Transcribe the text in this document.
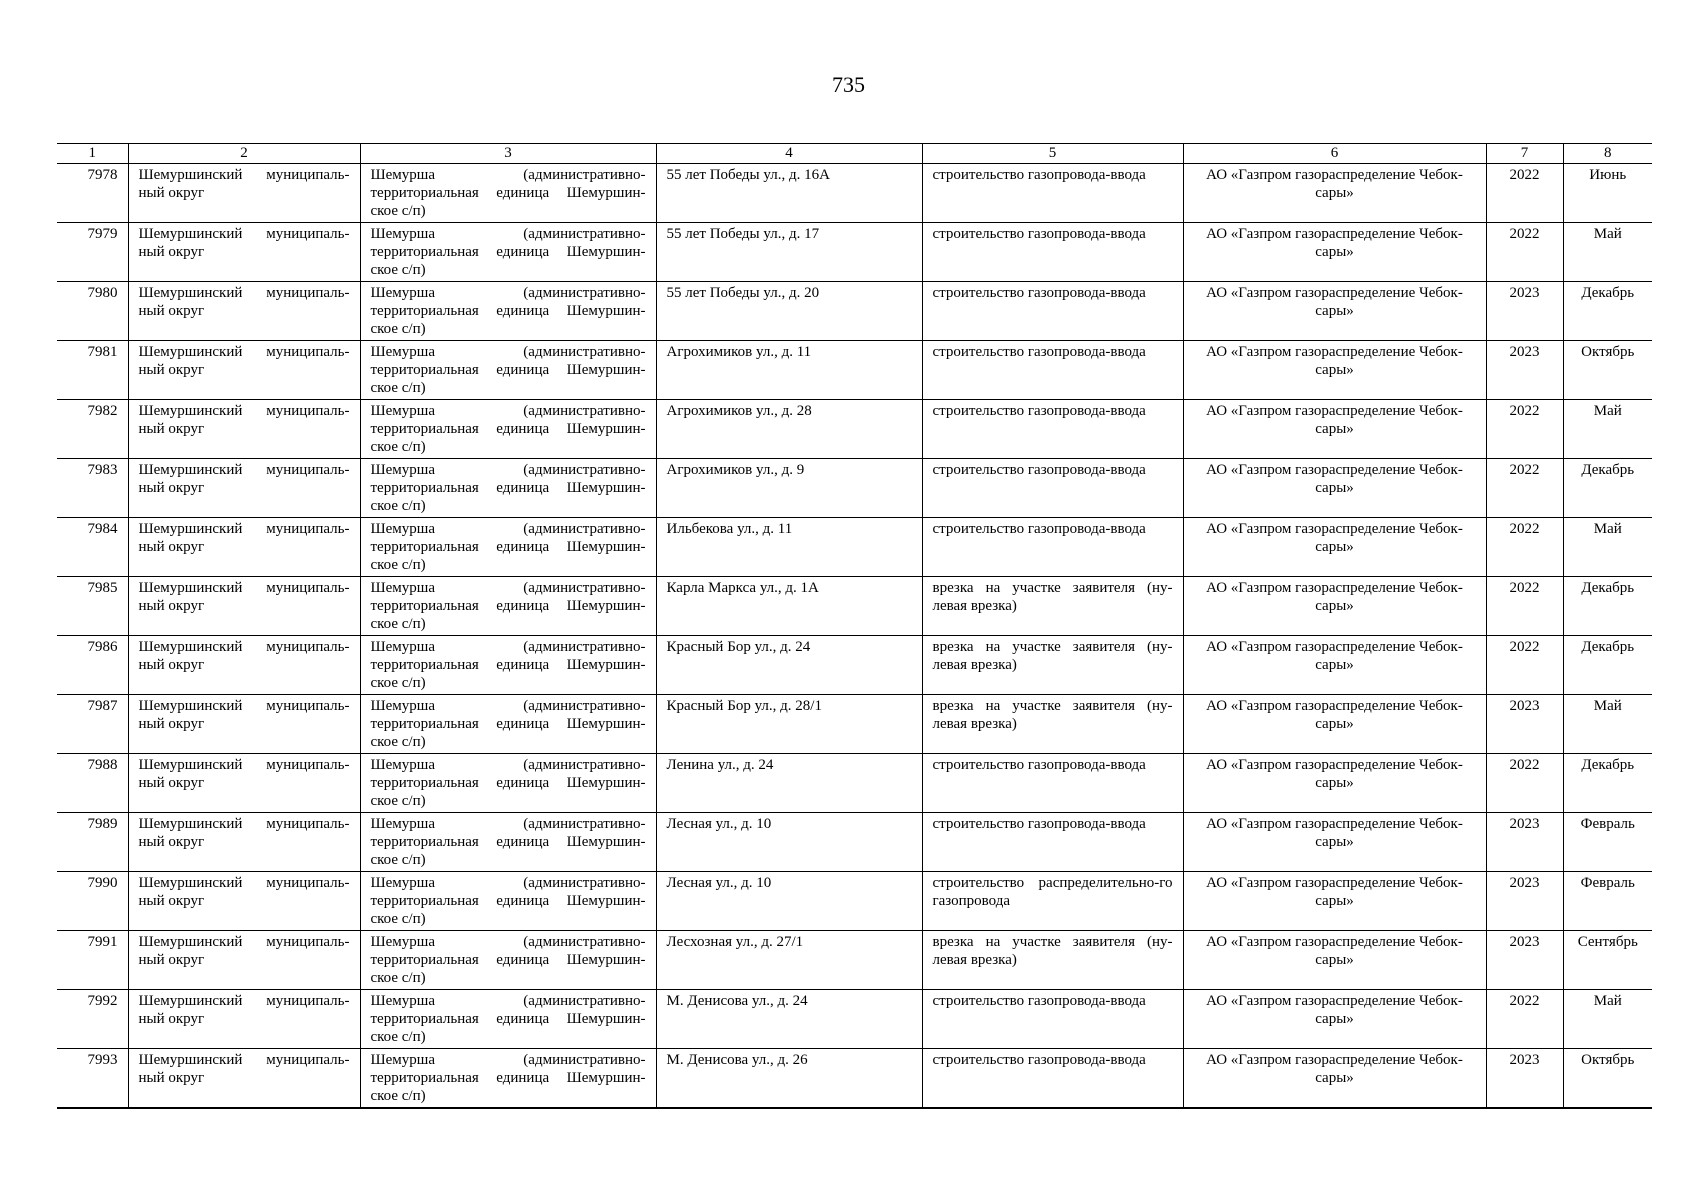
735
1	2	3	4	5	6	7	8
7978	Шемуршинский муниципаль-ный округ	Шемурша (административно-территориальная единица Шемуршин-ское с/п)	55 лет Победы ул., д. 16А	строительство газопровода-ввода	АО «Газпром газораспределение Чебок-сары»	2022	Июнь
7979	Шемуршинский муниципаль-ный округ	Шемурша (административно-территориальная единица Шемуршин-ское с/п)	55 лет Победы ул., д. 17	строительство газопровода-ввода	АО «Газпром газораспределение Чебок-сары»	2022	Май
7980	Шемуршинский муниципаль-ный округ	Шемурша (административно-территориальная единица Шемуршин-ское с/п)	55 лет Победы ул., д. 20	строительство газопровода-ввода	АО «Газпром газораспределение Чебок-сары»	2023	Декабрь
7981	Шемуршинский муниципаль-ный округ	Шемурша (административно-территориальная единица Шемуршин-ское с/п)	Агрохимиков ул., д. 11	строительство газопровода-ввода	АО «Газпром газораспределение Чебок-сары»	2023	Октябрь
7982	Шемуршинский муниципаль-ный округ	Шемурша (административно-территориальная единица Шемуршин-ское с/п)	Агрохимиков ул., д. 28	строительство газопровода-ввода	АО «Газпром газораспределение Чебок-сары»	2022	Май
7983	Шемуршинский муниципаль-ный округ	Шемурша (административно-территориальная единица Шемуршин-ское с/п)	Агрохимиков ул., д. 9	строительство газопровода-ввода	АО «Газпром газораспределение Чебок-сары»	2022	Декабрь
7984	Шемуршинский муниципаль-ный округ	Шемурша (административно-территориальная единица Шемуршин-ское с/п)	Ильбекова ул., д. 11	строительство газопровода-ввода	АО «Газпром газораспределение Чебок-сары»	2022	Май
7985	Шемуршинский муниципаль-ный округ	Шемурша (административно-территориальная единица Шемуршин-ское с/п)	Карла Маркса ул., д. 1А	врезка на участке заявителя (ну-левая врезка)	АО «Газпром газораспределение Чебок-сары»	2022	Декабрь
7986	Шемуршинский муниципаль-ный округ	Шемурша (административно-территориальная единица Шемуршин-ское с/п)	Красный Бор ул., д. 24	врезка на участке заявителя (ну-левая врезка)	АО «Газпром газораспределение Чебок-сары»	2022	Декабрь
7987	Шемуршинский муниципаль-ный округ	Шемурша (административно-территориальная единица Шемуршин-ское с/п)	Красный Бор ул., д. 28/1	врезка на участке заявителя (ну-левая врезка)	АО «Газпром газораспределение Чебок-сары»	2023	Май
7988	Шемуршинский муниципаль-ный округ	Шемурша (административно-территориальная единица Шемуршин-ское с/п)	Ленина ул., д. 24	строительство газопровода-ввода	АО «Газпром газораспределение Чебок-сары»	2022	Декабрь
7989	Шемуршинский муниципаль-ный округ	Шемурша (административно-территориальная единица Шемуршин-ское с/п)	Лесная ул., д. 10	строительство газопровода-ввода	АО «Газпром газораспределение Чебок-сары»	2023	Февраль
7990	Шемуршинский муниципаль-ный округ	Шемурша (административно-территориальная единица Шемуршин-ское с/п)	Лесная ул., д. 10	строительство распределительно-го газопровода	АО «Газпром газораспределение Чебок-сары»	2023	Февраль
7991	Шемуршинский муниципаль-ный округ	Шемурша (административно-территориальная единица Шемуршин-ское с/п)	Лесхозная ул., д. 27/1	врезка на участке заявителя (ну-левая врезка)	АО «Газпром газораспределение Чебок-сары»	2023	Сентябрь
7992	Шемуршинский муниципаль-ный округ	Шемурша (административно-территориальная единица Шемуршин-ское с/п)	М. Денисова ул., д. 24	строительство газопровода-ввода	АО «Газпром газораспределение Чебок-сары»	2022	Май
7993	Шемуршинский муниципаль-ный округ	Шемурша (административно-территориальная единица Шемуршин-ское с/п)	М. Денисова ул., д. 26	строительство газопровода-ввода	АО «Газпром газораспределение Чебок-сары»	2023	Октябрь
